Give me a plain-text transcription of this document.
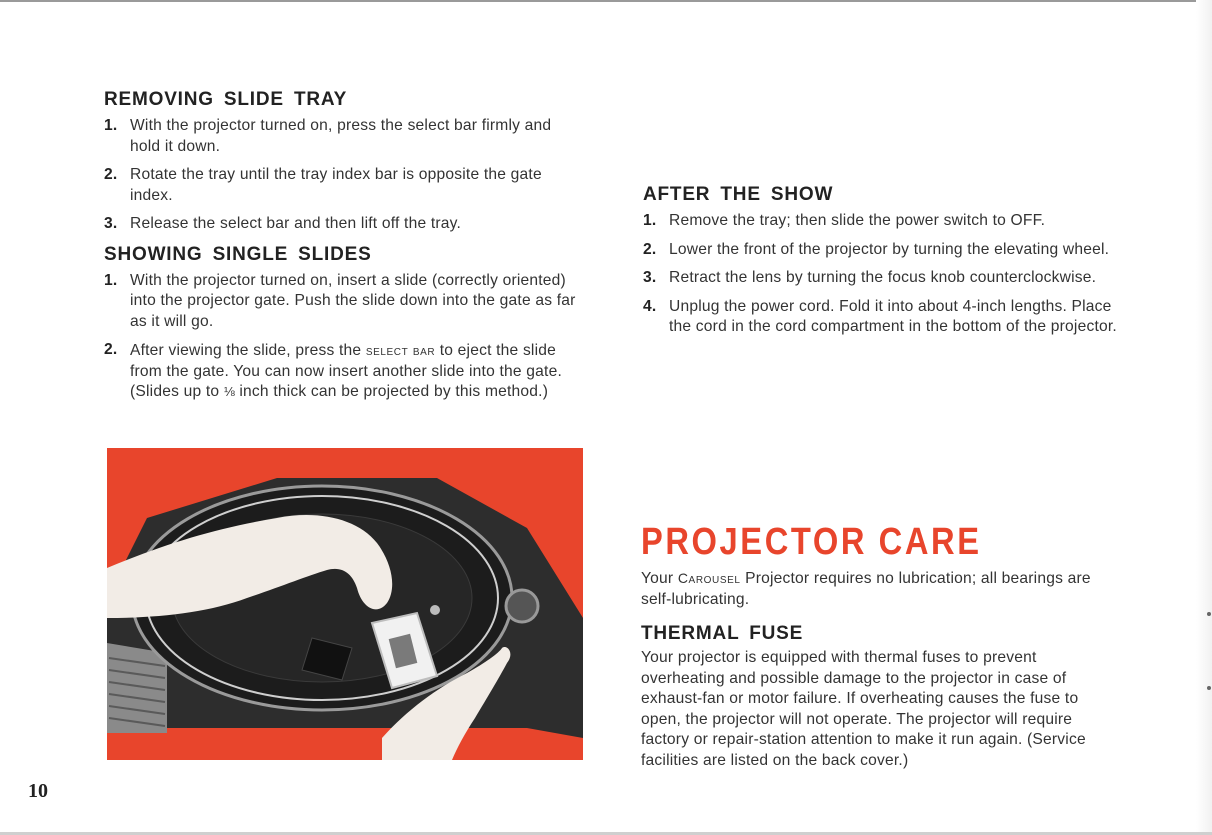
REMOVING SLIDE TRAY
1. With the projector turned on, press the select bar firmly and hold it down.
2. Rotate the tray until the tray index bar is opposite the gate index.
3. Release the select bar and then lift off the tray.
SHOWING SINGLE SLIDES
1. With the projector turned on, insert a slide (correctly oriented) into the projector gate. Push the slide down into the gate as far as it will go.
2. After viewing the slide, press the select bar to eject the slide from the gate. You can now insert another slide into the gate. (Slides up to ⅛ inch thick can be projected by this method.)
AFTER THE SHOW
1. Remove the tray; then slide the power switch to OFF.
2. Lower the front of the projector by turning the elevating wheel.
3. Retract the lens by turning the focus knob counterclockwise.
4. Unplug the power cord. Fold it into about 4-inch lengths. Place the cord in the cord compartment in the bottom of the projector.
PROJECTOR CARE

Your Carousel Projector requires no lubrication; all bearings are self-lubricating.

THERMAL FUSE

Your projector is equipped with thermal fuses to prevent overheating and possible damage to the projector in case of exhaust-fan or motor failure. If overheating causes the fuse to open, the projector will not operate. The projector will require factory or repair-station attention to make it run again. (Service facilities are listed on the back cover.)

10
